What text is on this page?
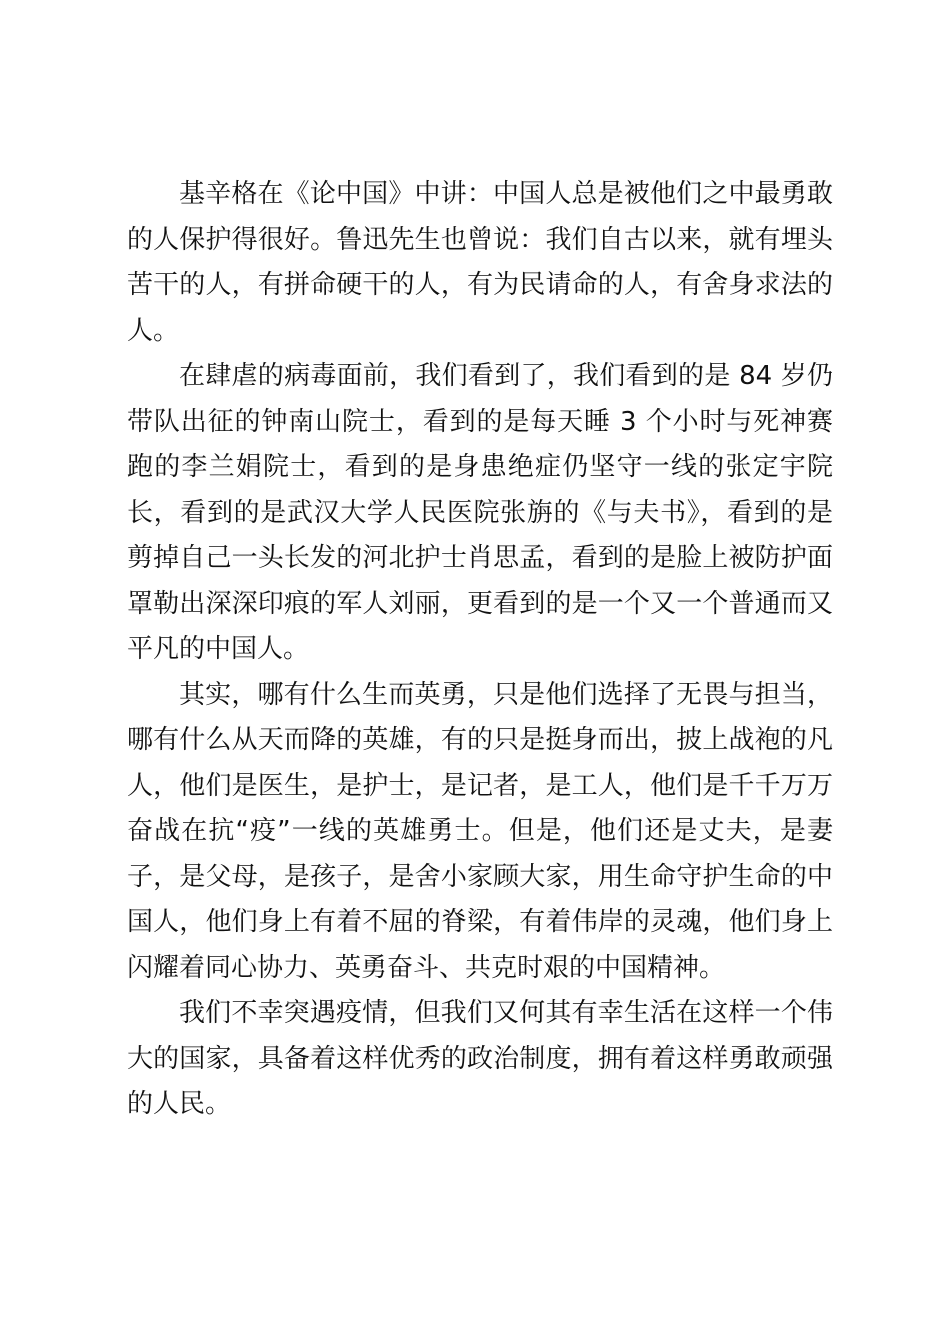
基辛格在《论中国》中讲：中国人总是被他们之中最勇敢的人保护得很好。鲁迅先生也曾说：我们自古以来，就有埋头苦干的人，有拼命硬干的人，有为民请命的人，有舍身求法的人。

在肆虐的病毒面前，我们看到了，我们看到的是 84 岁仍带队出征的钟南山院士，看到的是每天睡 3 个小时与死神赛跑的李兰娟院士，看到的是身患绝症仍坚守一线的张定宇院长，看到的是武汉大学人民医院张旃的《与夫书》，看到的是剪掉自己一头长发的河北护士肖思孟，看到的是脸上被防护面罩勒出深深印痕的军人刘丽，更看到的是一个又一个普通而又平凡的中国人。

其实，哪有什么生而英勇，只是他们选择了无畏与担当，哪有什么从天而降的英雄，有的只是挺身而出，披上战袍的凡人，他们是医生，是护士，是记者，是工人，他们是千千万万奋战在抗“疫”一线的英雄勇士。但是，他们还是丈夫，是妻子，是父母，是孩子，是舍小家顾大家，用生命守护生命的中国人，他们身上有着不屈的脊梁，有着伟岸的灵魂，他们身上闪耀着同心协力、英勇奋斗、共克时艰的中国精神。

我们不幸突遇疫情，但我们又何其有幸生活在这样一个伟大的国家，具备着这样优秀的政治制度，拥有着这样勇敢顽强的人民。
